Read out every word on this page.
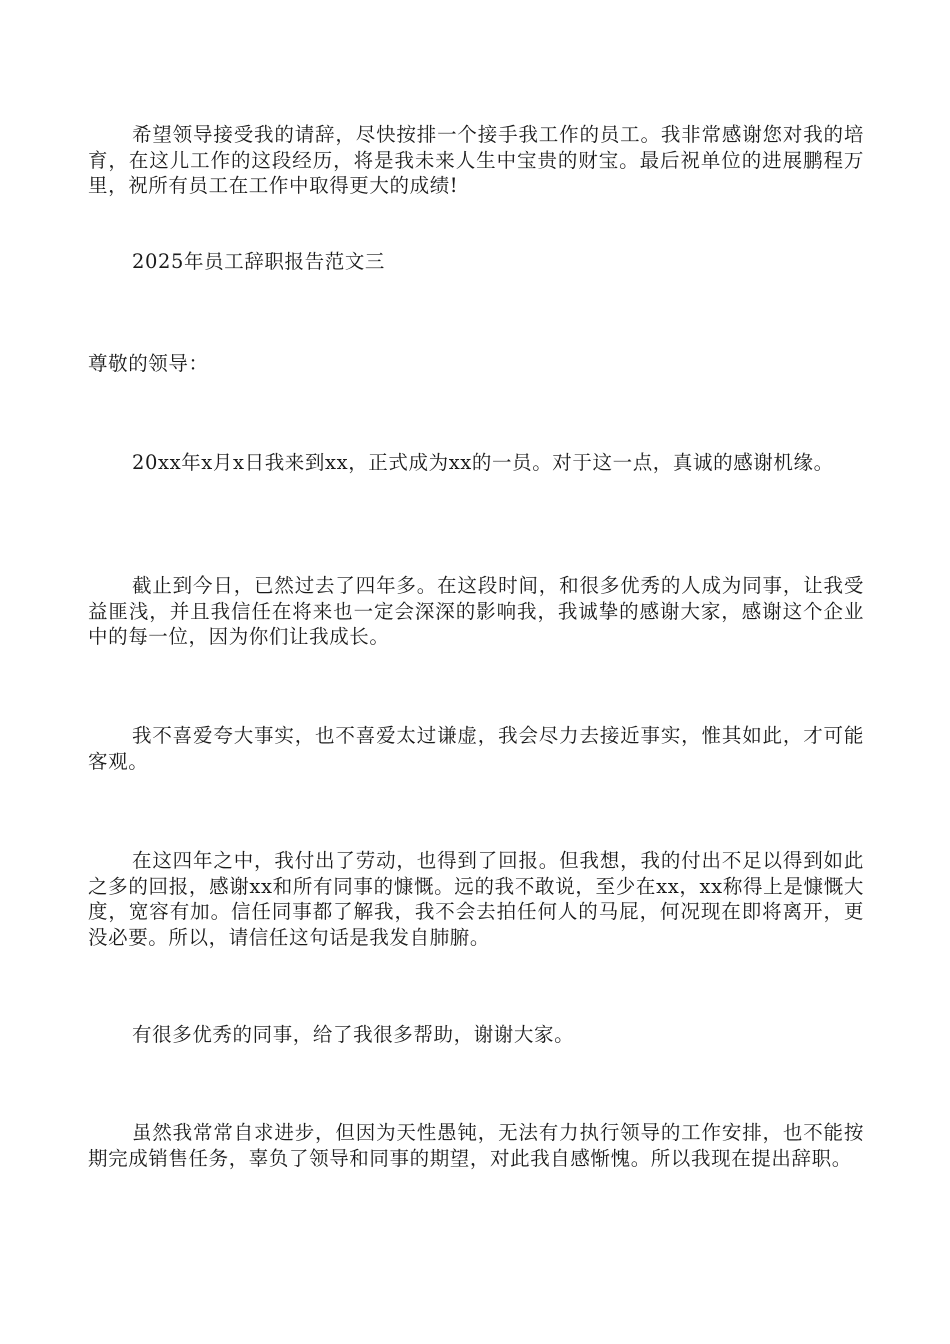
希望领导接受我的请辞，尽快按排一个接手我工作的员工。我非常感谢您对我的培育，在这儿工作的这段经历，将是我未来人生中宝贵的财宝。最后祝单位的进展鹏程万里，祝所有员工在工作中取得更大的成绩!

2025年员工辞职报告范文三

尊敬的领导：

20xx年x月x日我来到xx，正式成为xx的一员。对于这一点，真诚的感谢机缘。

截止到今日，已然过去了四年多。在这段时间，和很多优秀的人成为同事，让我受益匪浅，并且我信任在将来也一定会深深的影响我，我诚挚的感谢大家，感谢这个企业中的每一位，因为你们让我成长。

我不喜爱夸大事实，也不喜爱太过谦虚，我会尽力去接近事实，惟其如此，才可能客观。

在这四年之中，我付出了劳动，也得到了回报。但我想，我的付出不足以得到如此之多的回报，感谢xx和所有同事的慷慨。远的我不敢说，至少在xx，xx称得上是慷慨大度，宽容有加。信任同事都了解我，我不会去拍任何人的马屁，何况现在即将离开，更没必要。所以，请信任这句话是我发自肺腑。

有很多优秀的同事，给了我很多帮助，谢谢大家。

虽然我常常自求进步，但因为天性愚钝，无法有力执行领导的工作安排，也不能按期完成销售任务，辜负了领导和同事的期望，对此我自感惭愧。所以我现在提出辞职。
